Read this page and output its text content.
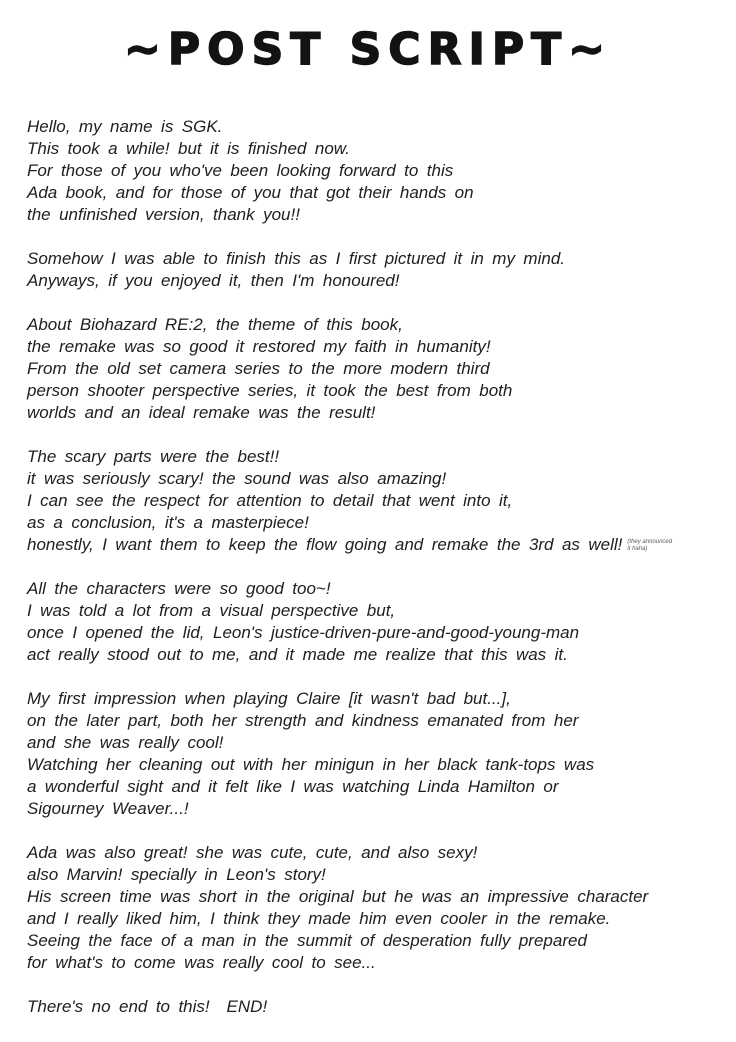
~POST SCRIPT~
Hello, my name is SGK.
This took a while! but it is finished now.
For those of you who've been looking forward to this
Ada book, and for those of you that got their hands on
the unfinished version, thank you!!
Somehow I was able to finish this as I first pictured it in my mind.
Anyways, if you enjoyed it, then I'm honoured!
About Biohazard RE:2, the theme of this book,
the remake was so good it restored my faith in humanity!
From the old set camera series to the more modern third
person shooter perspective series, it took the best from both
worlds and an ideal remake was the result!
The scary parts were the best!!
it was seriously scary! the sound was also amazing!
I can see the respect for attention to detail that went into it,
as a conclusion, it's a masterpiece!
honestly, I want them to keep the flow going and remake the 3rd as well! (they announced
it haha)
All the characters were so good too~!
I was told a lot from a visual perspective but,
once I opened the lid, Leon's justice-driven-pure-and-good-young-man
act really stood out to me, and it made me realize that this was it.
My first impression when playing Claire [it wasn't bad but...],
on the later part, both her strength and kindness emanated from her
and she was really cool!
Watching her cleaning out with her minigun in her black tank-tops was
a wonderful sight and it felt like I was watching Linda Hamilton or
Sigourney Weaver...!
Ada was also great! she was cute, cute, and also sexy!
also Marvin! specially in Leon's story!
His screen time was short in the original but he was an impressive character
and I really liked him, I think they made him even cooler in the remake.
Seeing the face of a man in the summit of desperation fully prepared
for what's to come was really cool to see...
There's no end to this!  END!
